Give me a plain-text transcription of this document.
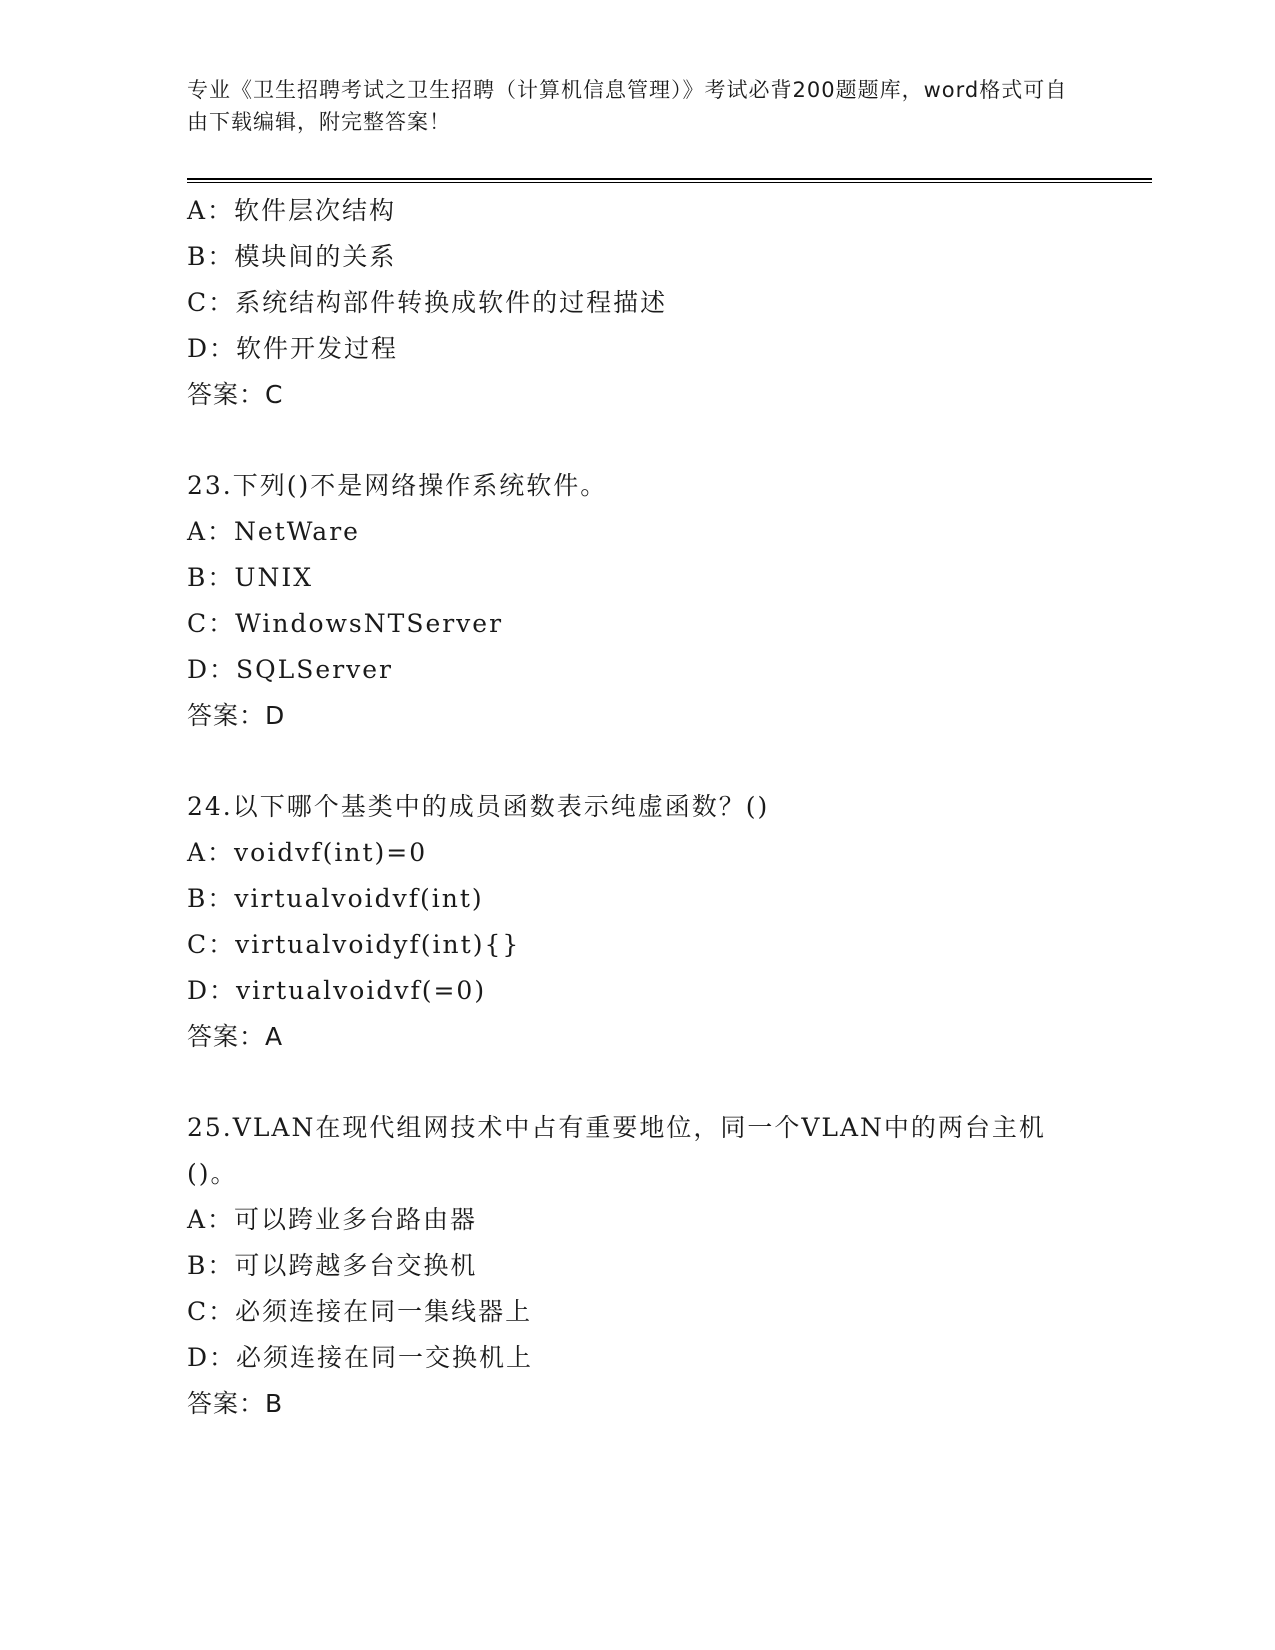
专业《卫生招聘考试之卫生招聘（计算机信息管理）》考试必背200题题库，word格式可自由下载编辑，附完整答案！
A：软件层次结构
B：模块间的关系
C：系统结构部件转换成软件的过程描述
D：软件开发过程
答案：C
23.下列()不是网络操作系统软件。
A：NetWare
B：UNIX
C：WindowsNTServer
D：SQLServer
答案：D
24.以下哪个基类中的成员函数表示纯虚函数？()
A：voidvf(int)=0
B：virtualvoidvf(int)
C：virtualvoidyf(int){}
D：virtualvoidvf(=0)
答案：A
25.VLAN在现代组网技术中占有重要地位，同一个VLAN中的两台主机()。
A：可以跨业多台路由器
B：可以跨越多台交换机
C：必须连接在同一集线器上
D：必须连接在同一交换机上
答案：B
